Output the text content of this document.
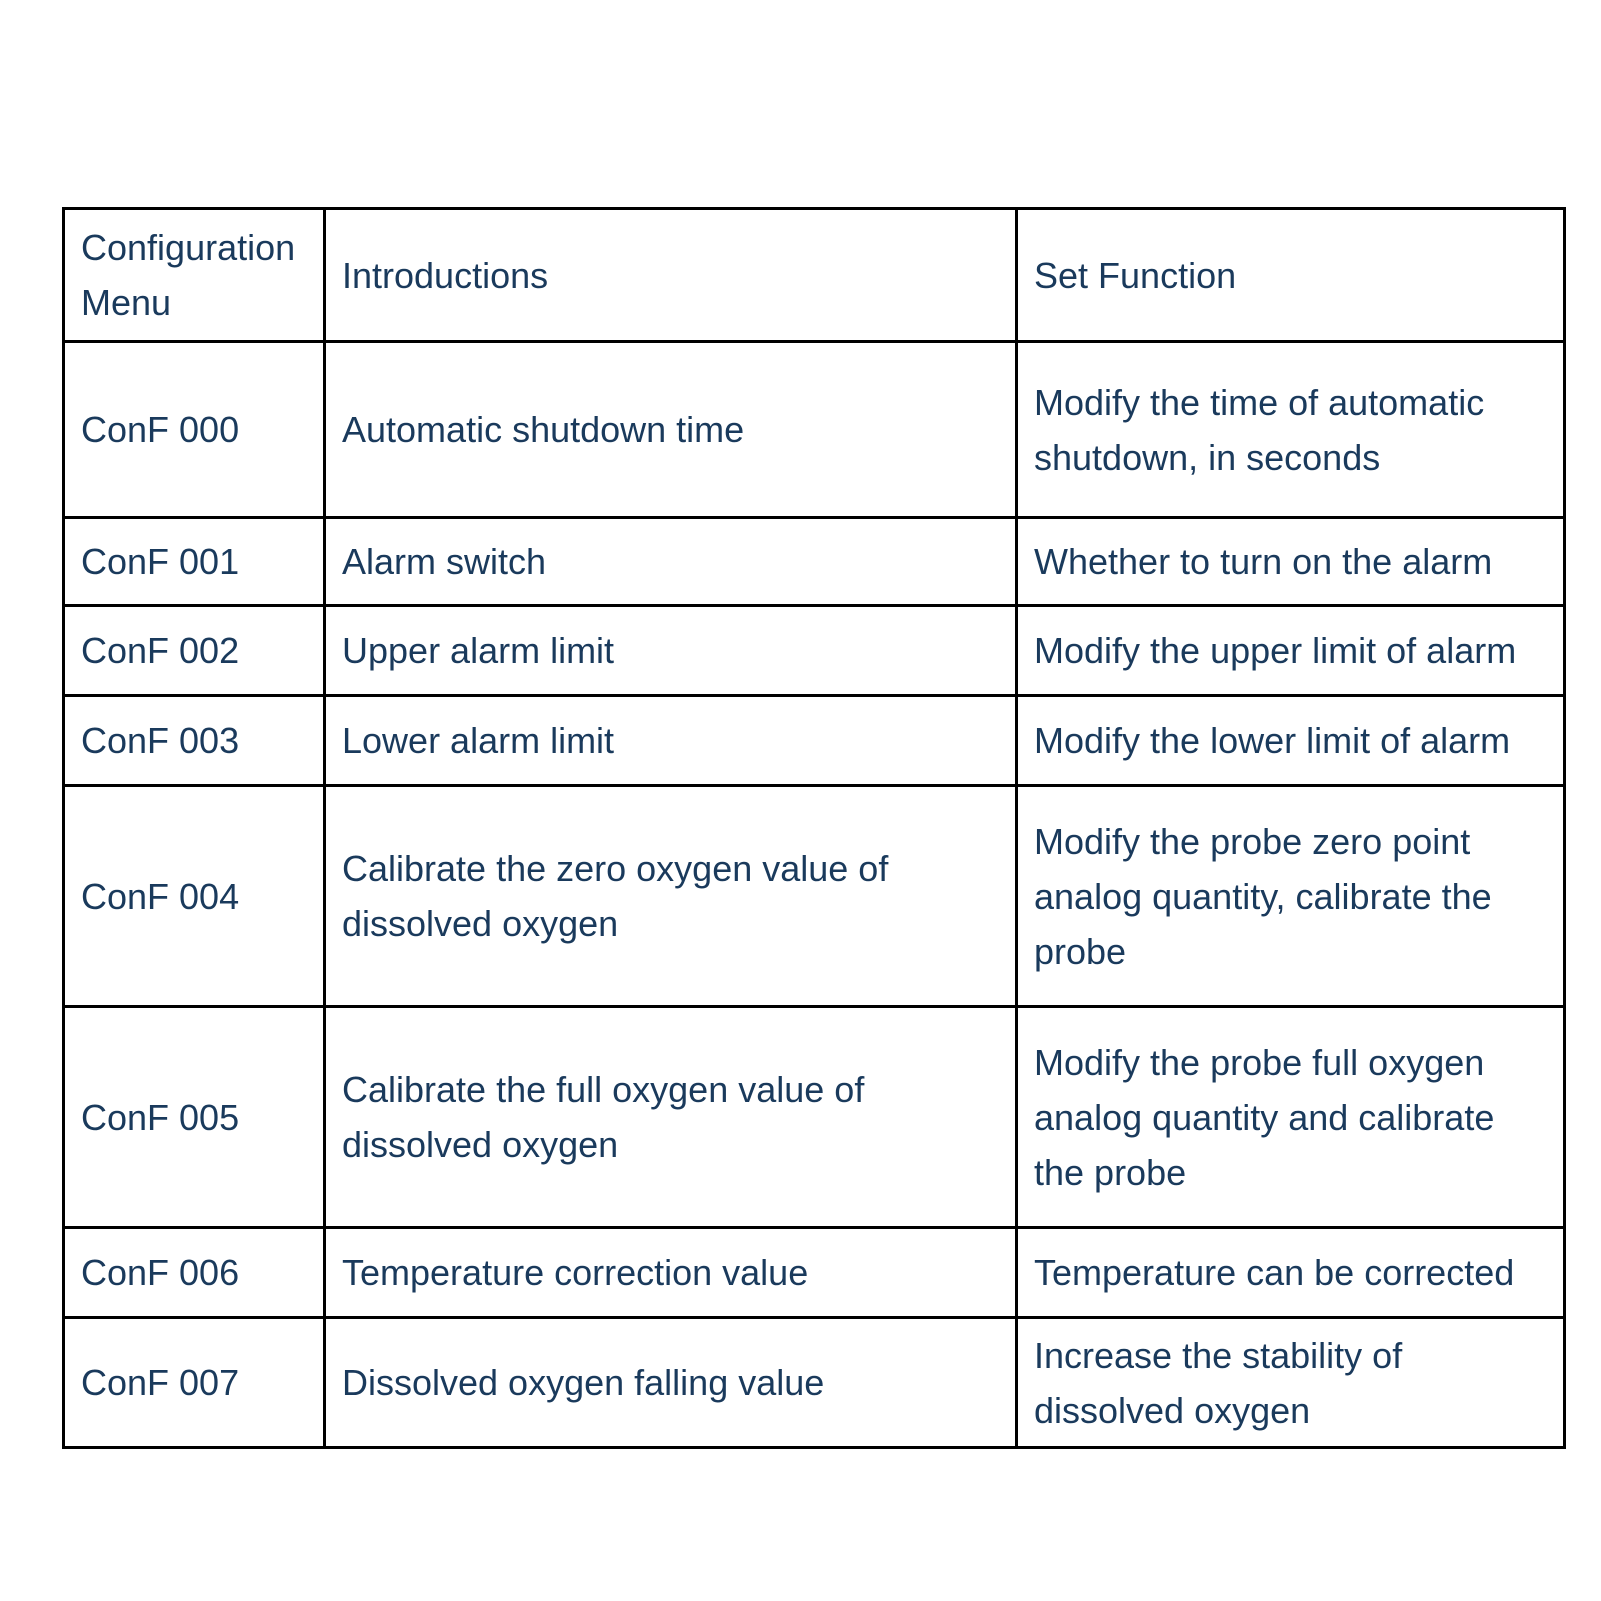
Configuration Menu	Introductions	Set Function
ConF 000	Automatic shutdown time	Modify the time of automatic shutdown, in seconds
ConF 001	Alarm switch	Whether to turn on the alarm
ConF 002	Upper alarm limit	Modify the upper limit of alarm
ConF 003	Lower alarm limit	Modify the lower limit of alarm
ConF 004	Calibrate the zero oxygen value of dissolved oxygen	Modify the probe zero point analog quantity, calibrate the probe
ConF 005	Calibrate the full oxygen value of dissolved oxygen	Modify the probe full oxygen analog quantity and calibrate the probe
ConF 006	Temperature correction value	Temperature can be corrected
ConF 007	Dissolved oxygen falling value	Increase the stability of dissolved oxygen
